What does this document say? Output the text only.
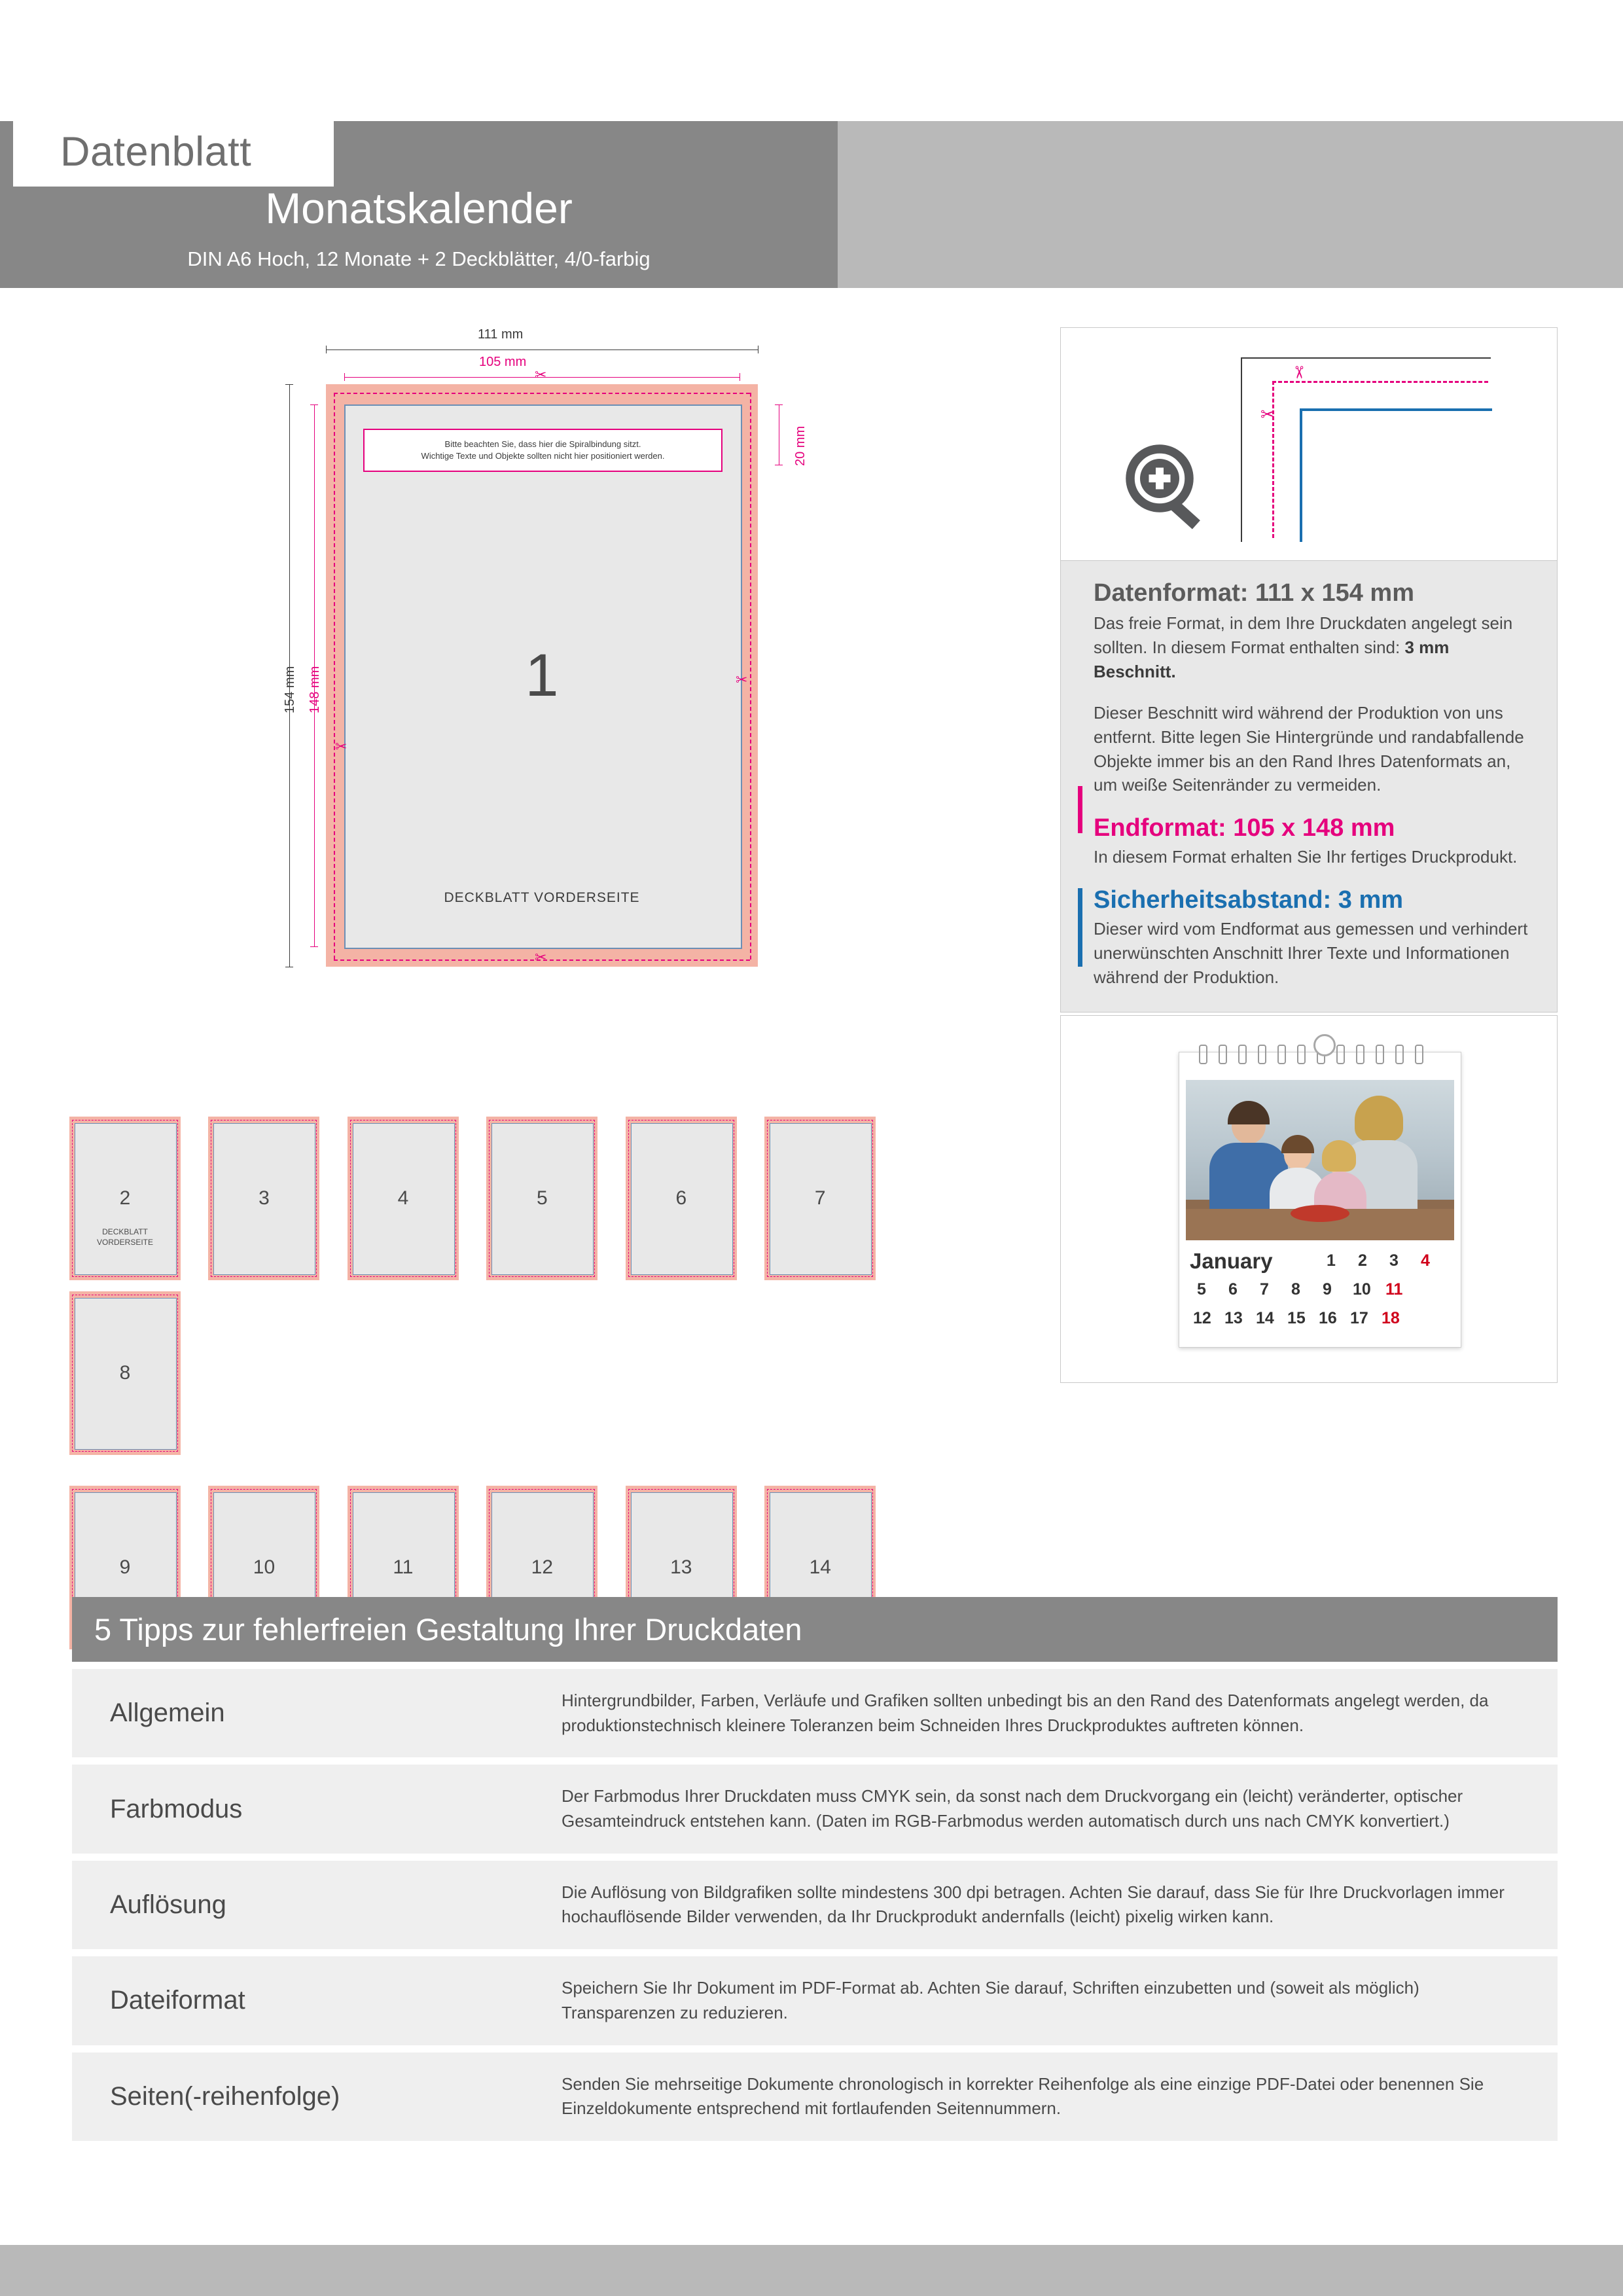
Datenblatt
Monatskalender
DIN A6 Hoch, 12 Monate + 2 Deckblätter, 4/0-farbig
111 mm
105 mm
20 mm
154 mm 148 mm
✂
✂
✂
✂
Bitte beachten Sie, dass hier die Spiralbindung sitzt.
Wichtige Texte und Objekte sollten nicht hier positioniert werden.
1
DECKBLATT VORDERSEITE
2
DECKBLATT
VORDERSEITE

3
	4
	5
	6
	7

8
9
	10
	11
	12
	13
	14
✂
✂
Datenformat: 111 x 154 mm

Das freie Format, in dem Ihre Druckdaten angelegt sein sollten. In diesem Format enthalten sind: 3 mm Beschnitt.

Dieser Beschnitt wird während der Produktion von uns entfernt. Bitte legen Sie Hintergründe und randabfallende Objekte immer bis an den Rand Ihres Datenformats an, um weiße Seitenränder zu vermeiden.

Endformat: 105 x 148 mm

In diesem Format erhalten Sie Ihr fertiges Druckprodukt.

Sicherheitsabstand: 3 mm

Dieser wird vom Endformat aus gemessen und verhindert unerwünschten Anschnitt Ihrer Texte und Informationen während der Produktion.

January	1 2 3 4
5 6 7 8 9 10 11
12 13 14 15 16 17 18
5 Tipps zur fehlerfreien Gestaltung Ihrer Druckdaten
Allgemein	Hintergrundbilder, Farben, Verläufe und Grafiken sollten unbedingt bis an den Rand des Datenformats angelegt werden, da produktionstechnisch kleinere Toleranzen beim Schneiden Ihres Druckproduktes auftreten können.
Farbmodus	Der Farbmodus Ihrer Druckdaten muss CMYK sein, da sonst nach dem Druckvorgang ein (leicht) veränderter, optischer Gesamteindruck entstehen kann. (Daten im RGB-Farbmodus werden automatisch durch uns nach CMYK konvertiert.)
Auflösung	Die Auflösung von Bildgrafiken sollte mindestens 300 dpi betragen. Achten Sie darauf, dass Sie für Ihre Druckvorlagen immer hochauflösende Bilder verwenden, da Ihr Druckprodukt andernfalls (leicht) pixelig wirken kann.
Dateiformat	Speichern Sie Ihr Dokument im PDF-Format ab. Achten Sie darauf, Schriften einzubetten und (soweit als möglich) Transparenzen zu reduzieren.
Seiten(-reihenfolge)	Senden Sie mehrseitige Dokumente chronologisch in korrekter Reihenfolge als eine einzige PDF-Datei oder benennen Sie Einzeldokumente entsprechend mit fortlaufenden Seitennummern.
